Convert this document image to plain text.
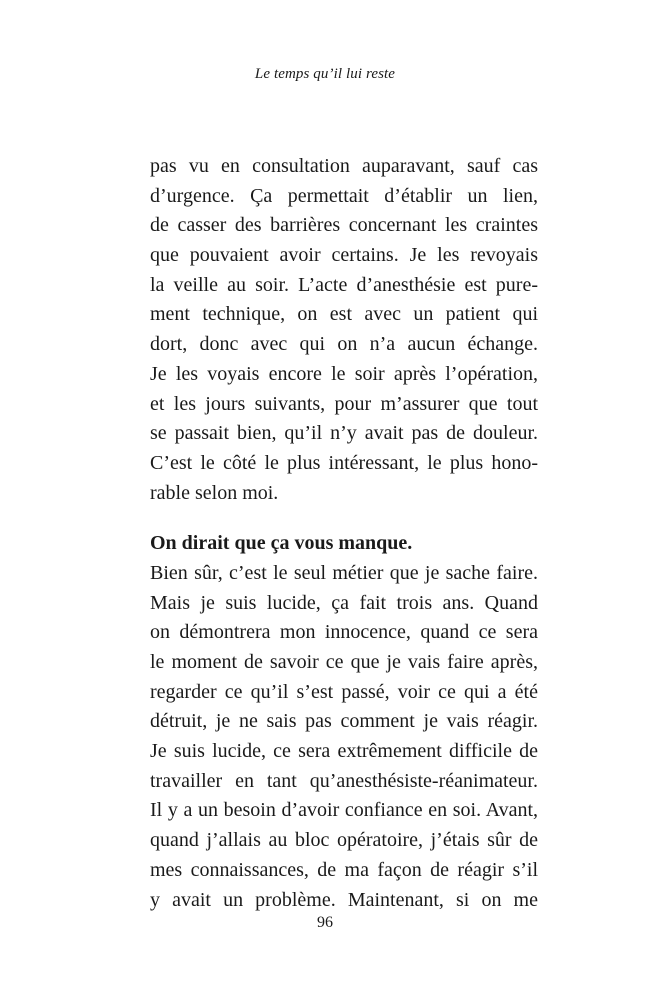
Le temps qu’il lui reste
pas vu en consultation auparavant, sauf cas
d’urgence. Ça permettait d’établir un lien,
de casser des barrières concernant les craintes
que pouvaient avoir certains. Je les revoyais
la veille au soir. L’acte d’anesthésie est pure-
ment technique, on est avec un patient qui
dort, donc avec qui on n’a aucun échange.
Je les voyais encore le soir après l’opération,
et les jours suivants, pour m’assurer que tout
se passait bien, qu’il n’y avait pas de douleur.
C’est le côté le plus intéressant, le plus hono-
rable selon moi.
On dirait que ça vous manque.
Bien sûr, c’est le seul métier que je sache faire.
Mais je suis lucide, ça fait trois ans. Quand
on démontrera mon innocence, quand ce sera
le moment de savoir ce que je vais faire après,
regarder ce qu’il s’est passé, voir ce qui a été
détruit, je ne sais pas comment je vais réagir.
Je suis lucide, ce sera extrêmement difficile de
travailler en tant qu’anesthésiste-réanimateur.
Il y a un besoin d’avoir confiance en soi. Avant,
quand j’allais au bloc opératoire, j’étais sûr de
mes connaissances, de ma façon de réagir s’il
y avait un problème. Maintenant, si on me
96
